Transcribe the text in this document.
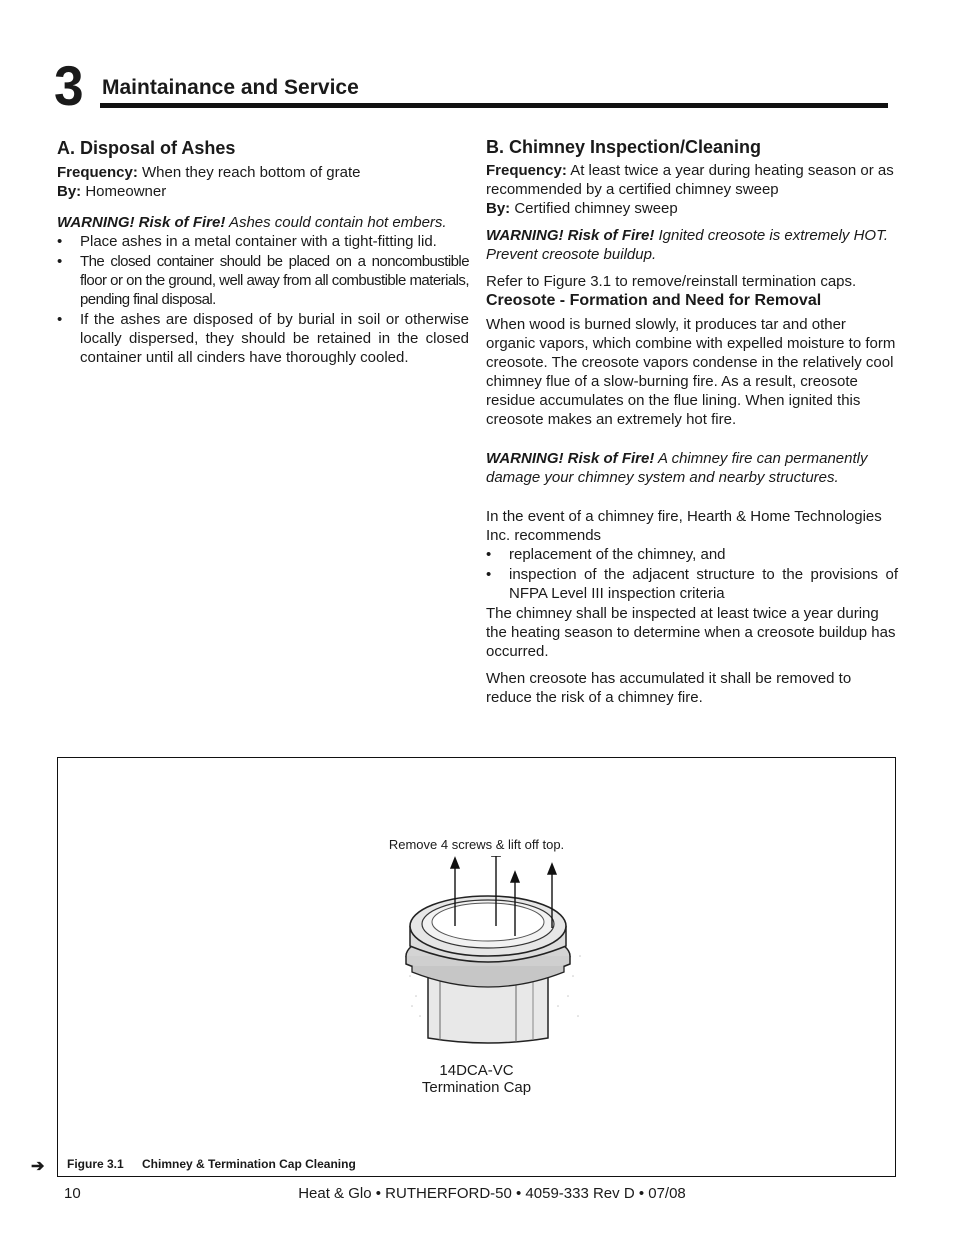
3 Maintainance and Service
A. Disposal of Ashes

Frequency: When they reach bottom of grate

By: Homeowner

WARNING! Risk of Fire! Ashes could contain hot embers.

• Place ashes in a metal container with a tight-fitting lid.
• The closed container should be placed on a noncombustible floor or on the ground, well away from all combustible materials, pending final disposal.
• If the ashes are disposed of by burial in soil or otherwise locally dispersed, they should be retained in the closed container until all cinders have thoroughly cooled.
B. Chimney Inspection/Cleaning

Frequency: At least twice a year during heating season or as recommended by a certified chimney sweep

By: Certified chimney sweep

WARNING! Risk of Fire! Ignited creosote is extremely HOT. Prevent creosote buildup.

Refer to Figure 3.1 to remove/reinstall termination caps.

Creosote - Formation and Need for Removal

When wood is burned slowly, it produces tar and other organic vapors, which combine with expelled moisture to form creosote. The creosote vapors condense in the relatively cool chimney flue of a slow-burning fire. As a result, creosote residue accumulates on the flue lining. When ignited this creosote makes an extremely hot fire.

WARNING! Risk of Fire! A chimney fire can permanently damage your chimney system and nearby structures.

In the event of a chimney fire, Hearth & Home Technologies Inc. recommends

• replacement of the chimney, and
• inspection of the adjacent structure to the provisions of NFPA Level III inspection criteria

The chimney shall be inspected at least twice a year during the heating season to determine when a creosote buildup has occurred.

When creosote has accumulated it shall be removed to reduce the risk of a chimney fire.

Remove 4 screws & lift off top.
14DCA-VC
Termination Cap
➔ Figure 3.1 Chimney & Termination Cap Cleaning
10	Heat & Glo • RUTHERFORD-50 • 4059-333 Rev D • 07/08
